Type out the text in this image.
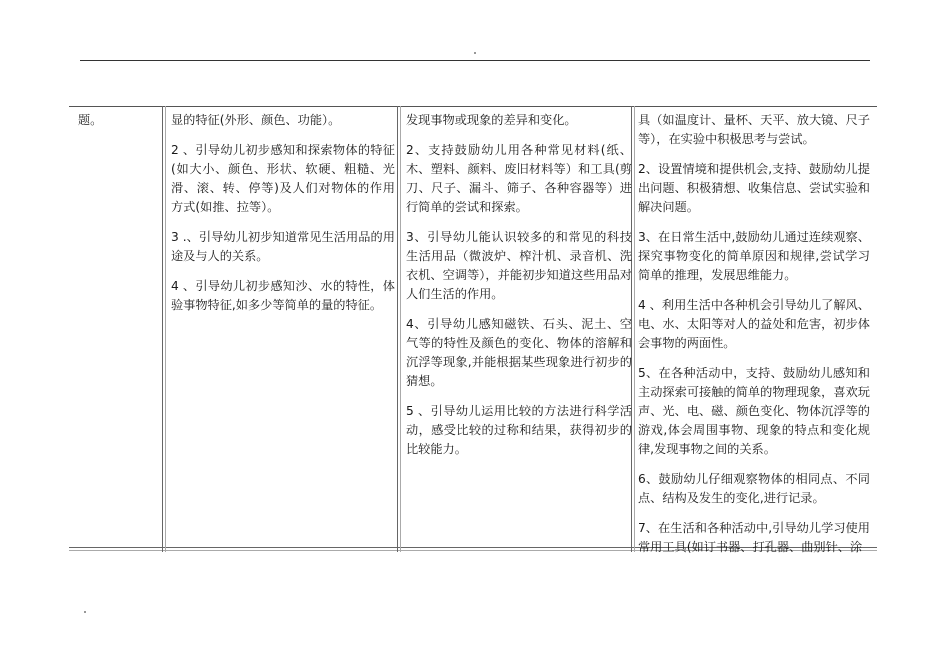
题。	显的特征(外形、颜色、功能）。

2 、引导幼儿初步感知和探索物体的特征(如大小、颜色、形状、软硬、粗糙、光滑、滚、转、停等)及人们对物体的作用方式(如推、拉等）。

3 .、引导幼儿初步知道常见生活用品的用途及与人的关系。

4 、引导幼儿初步感知沙、水的特性，体验事物特征,如多少等简单的量的特征。

发现事物或现象的差异和变化。

2、支持鼓励幼儿用各种常见材料(纸、木、塑料、颜料、废旧材料等）和工具(剪刀、尺子、漏斗、筛子、各种容器等）进行简单的尝试和探索。

3、引导幼儿能认识较多的和常见的科技生活用品（微波炉、榨汁机、录音机、洗衣机、空调等），并能初步知道这些用品对人们生活的作用。

4、引导幼儿感知磁铁、石头、泥土、空气等的特性及颜色的变化、物体的溶解和沉浮等现象,并能根据某些现象进行初步的猜想。

5 、引导幼儿运用比较的方法进行科学活动，感受比较的过称和结果，获得初步的比较能力。

具（如温度计、量杯、天平、放大镜、尺子等），在实验中积极思考与尝试。

2、设置情境和提供机会,支持、鼓励幼儿提出问题、积极猜想、收集信息、尝试实验和解决问题。

3、在日常生活中,鼓励幼儿通过连续观察、探究事物变化的简单原因和规律,尝试学习简单的推理，发展思维能力。

4 、利用生活中各种机会引导幼儿了解风、电、水、太阳等对人的益处和危害，初步体会事物的两面性。

5、在各种活动中，支持、鼓励幼儿感知和主动探索可接触的简单的物理现象，喜欢玩声、光、电、磁、颜色变化、物体沉浮等的游戏,体会周围事物、现象的特点和变化规律,发现事物之间的关系。

6、鼓励幼儿仔细观察物体的相同点、不同点、结构及发生的变化,进行记录。

7、在生活和各种活动中,引导幼儿学习使用常用工具(如订书器、打孔器、曲别针、涂
